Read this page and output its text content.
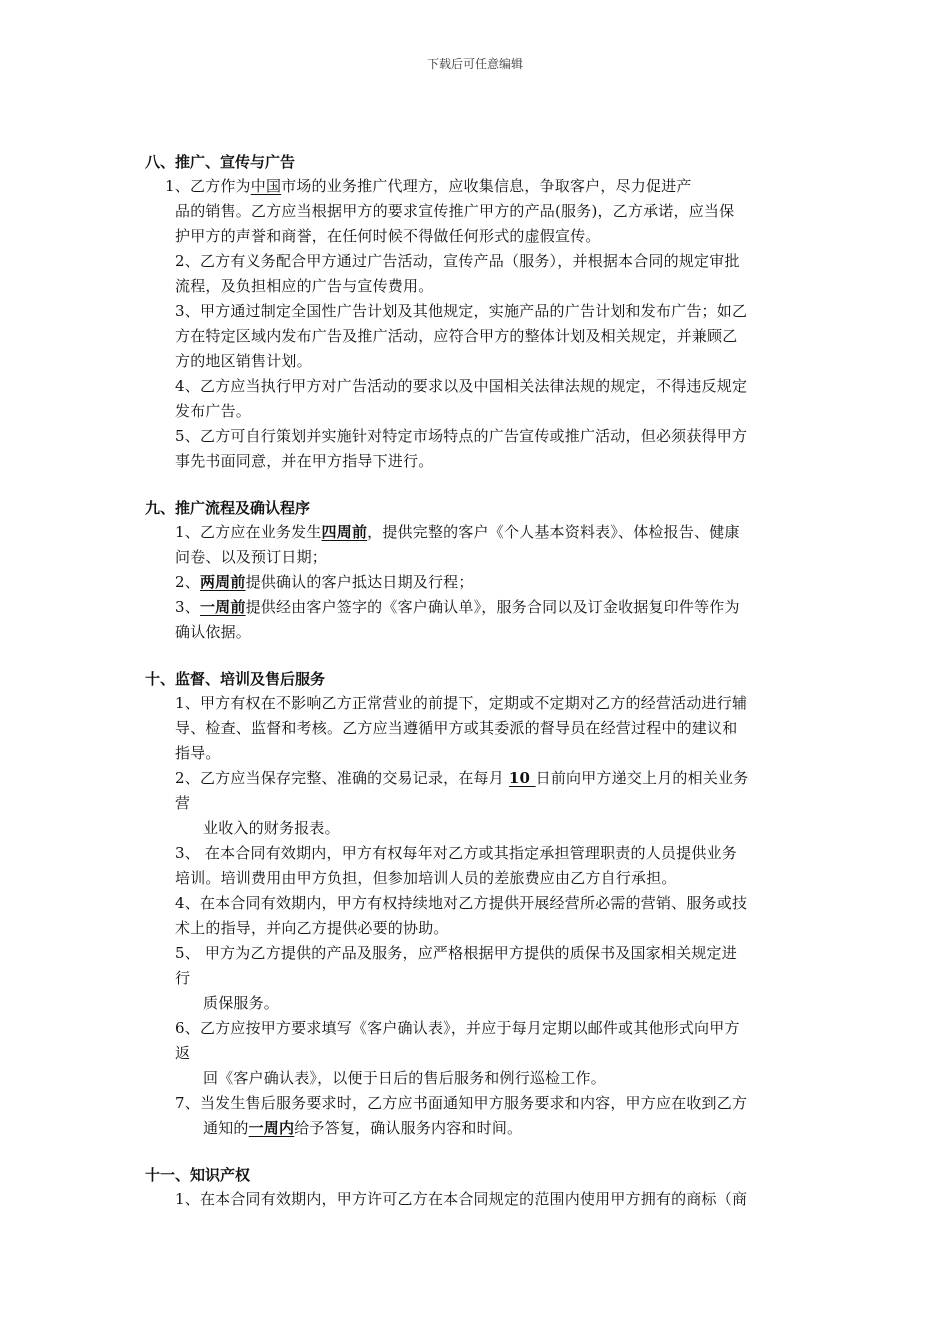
下载后可任意编辑
八、推广、宣传与广告
1、乙方作为中国市场的业务推广代理方，应收集信息，争取客户，尽力促进产
品的销售。乙方应当根据甲方的要求宣传推广甲方的产品(服务)，乙方承诺，应当保
护甲方的声誉和商誉，在任何时候不得做任何形式的虚假宣传。
2、乙方有义务配合甲方通过广告活动，宣传产品（服务），并根据本合同的规定审批
流程，及负担相应的广告与宣传费用。
3、甲方通过制定全国性广告计划及其他规定，实施产品的广告计划和发布广告；如乙
方在特定区域内发布广告及推广活动，应符合甲方的整体计划及相关规定，并兼顾乙
方的地区销售计划。
4、乙方应当执行甲方对广告活动的要求以及中国相关法律法规的规定，不得违反规定
发布广告。
5、乙方可自行策划并实施针对特定市场特点的广告宣传或推广活动，但必须获得甲方
事先书面同意，并在甲方指导下进行。
九、推广流程及确认程序
1、乙方应在业务发生四周前，提供完整的客户《个人基本资料表》、体检报告、健康
问卷、以及预订日期；
2、两周前提供确认的客户抵达日期及行程；
3、一周前提供经由客户签字的《客户确认单》，服务合同以及订金收据复印件等作为
确认依据。
十、监督、培训及售后服务
1、甲方有权在不影响乙方正常营业的前提下，定期或不定期对乙方的经营活动进行辅
导、检查、监督和考核。乙方应当遵循甲方或其委派的督导员在经营过程中的建议和
指导。
2、乙方应当保存完整、准确的交易记录，在每月 10 日前向甲方递交上月的相关业务
营
业收入的财务报表。
3、 在本合同有效期内，甲方有权每年对乙方或其指定承担管理职责的人员提供业务
培训。培训费用由甲方负担，但参加培训人员的差旅费应由乙方自行承担。
4、在本合同有效期内，甲方有权持续地对乙方提供开展经营所必需的营销、服务或技
术上的指导，并向乙方提供必要的协助。
5、 甲方为乙方提供的产品及服务，应严格根据甲方提供的质保书及国家相关规定进
行
质保服务。
6、乙方应按甲方要求填写《客户确认表》，并应于每月定期以邮件或其他形式向甲方
返
回《客户确认表》，以便于日后的售后服务和例行巡检工作。
7、当发生售后服务要求时，乙方应书面通知甲方服务要求和内容，甲方应在收到乙方
通知的一周内给予答复，确认服务内容和时间。
十一、知识产权
1、在本合同有效期内，甲方许可乙方在本合同规定的范围内使用甲方拥有的商标（商
